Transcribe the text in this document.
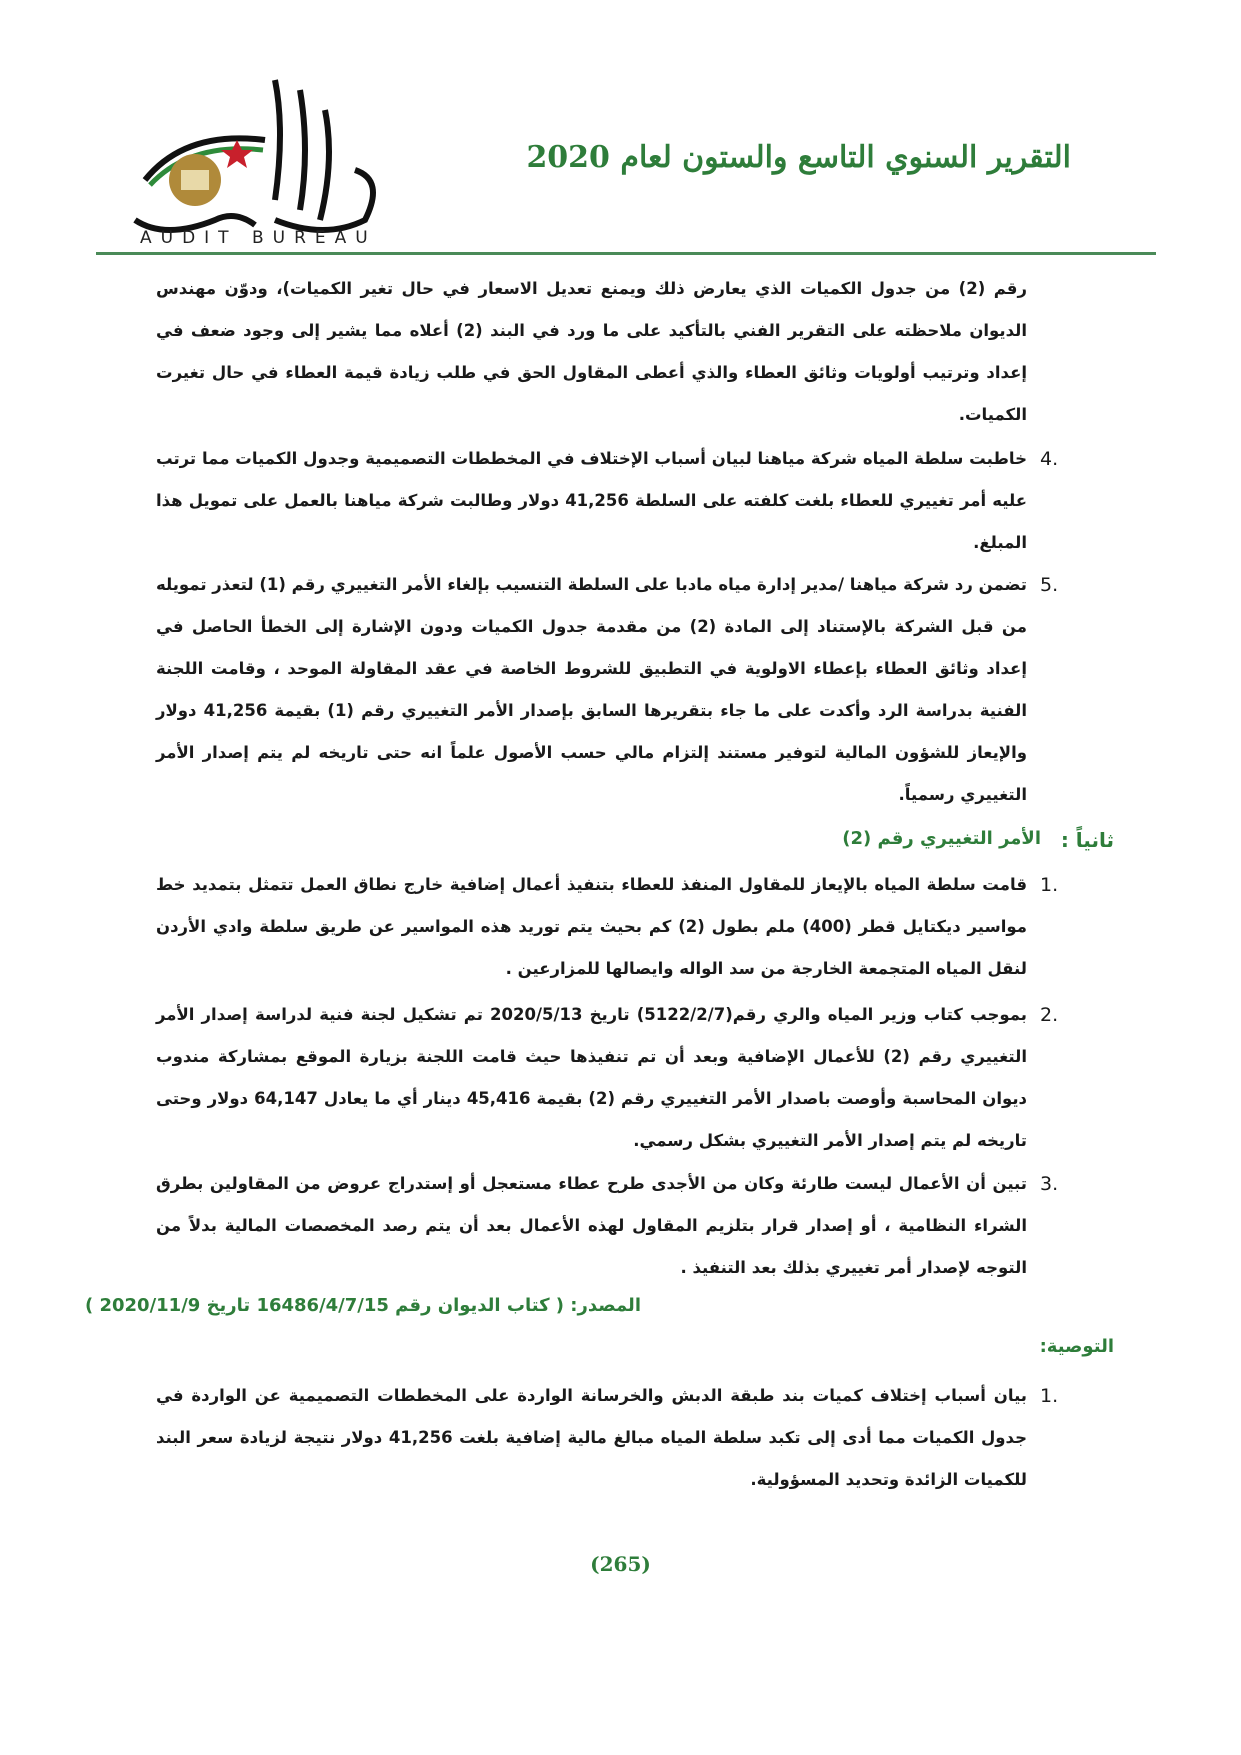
التقرير السنوي التاسع والستون لعام 2020
AUDIT BUREAU
رقم (2) من جدول الكميات الذي يعارض ذلك ويمنع تعديل الاسعار في حال تغير الكميات)، ودوّن مهندس الديوان ملاحظته على التقرير الفني بالتأكيد على ما ورد في البند (2) أعلاه مما يشير إلى وجود ضعف في إعداد وترتيب أولويات وثائق العطاء والذي أعطى المقاول الحق في طلب زيادة قيمة العطاء في حال تغيرت الكميات.
4.
خاطبت سلطة المياه شركة مياهنا لبيان أسباب الإختلاف في المخططات التصميمية وجدول الكميات مما ترتب عليه أمر تغييري للعطاء بلغت كلفته على السلطة 41,256 دولار وطالبت شركة مياهنا بالعمل على تمويل هذا المبلغ.
5.
تضمن رد شركة مياهنا /مدير إدارة مياه مادبا على السلطة التنسيب بإلغاء الأمر التغييري رقم (1) لتعذر تمويله من قبل الشركة بالإستناد إلى المادة (2) من مقدمة جدول الكميات ودون الإشارة إلى الخطأ الحاصل في إعداد وثائق العطاء بإعطاء الاولوية في التطبيق للشروط الخاصة في عقد المقاولة الموحد ، وقامت اللجنة الفنية بدراسة الرد وأكدت على ما جاء بتقريرها السابق بإصدار الأمر التغييري رقم (1) بقيمة 41,256 دولار والإيعاز للشؤون المالية لتوفير مستند إلتزام مالي حسب الأصول علماً انه حتى تاريخه لم يتم إصدار الأمر التغييري رسمياً.
ثانياً :
الأمر التغييري رقم (2)
1.
قامت سلطة المياه بالإيعاز للمقاول المنفذ للعطاء بتنفيذ أعمال إضافية خارج نطاق العمل تتمثل بتمديد خط مواسير ديكتايل قطر (400) ملم بطول (2) كم بحيث يتم توريد هذه المواسير عن طريق سلطة وادي الأردن لنقل المياه المتجمعة الخارجة من سد الواله وايصالها للمزارعين .
2.
بموجب كتاب وزير المياه والري رقم(5122/2/7) تاريخ 2020/5/13 تم تشكيل لجنة فنية لدراسة إصدار الأمر التغييري رقم (2) للأعمال الإضافية وبعد أن تم تنفيذها حيث قامت اللجنة بزيارة الموقع بمشاركة مندوب ديوان المحاسبة وأوصت باصدار الأمر التغييري رقم (2) بقيمة 45,416 دينار أي ما يعادل 64,147 دولار وحتى تاريخه لم يتم إصدار الأمر التغييري بشكل رسمي.
3.
تبين أن الأعمال ليست طارئة وكان من الأجدى طرح عطاء مستعجل أو إستدراج عروض من المقاولين بطرق الشراء النظامية ، أو إصدار قرار بتلزيم المقاول لهذه الأعمال بعد أن يتم رصد المخصصات المالية بدلاً من التوجه لإصدار أمر تغييري بذلك بعد التنفيذ .
المصدر: ( كتاب الديوان رقم 16486/4/7/15 تاريخ 2020/11/9 )
التوصية:
1.
بيان أسباب إختلاف كميات بند طبقة الدبش والخرسانة الواردة على المخططات التصميمية عن الواردة في جدول الكميات مما أدى إلى تكبد سلطة المياه مبالغ مالية إضافية بلغت 41,256 دولار نتيجة لزيادة سعر البند للكميات الزائدة وتحديد المسؤولية.
(265)
